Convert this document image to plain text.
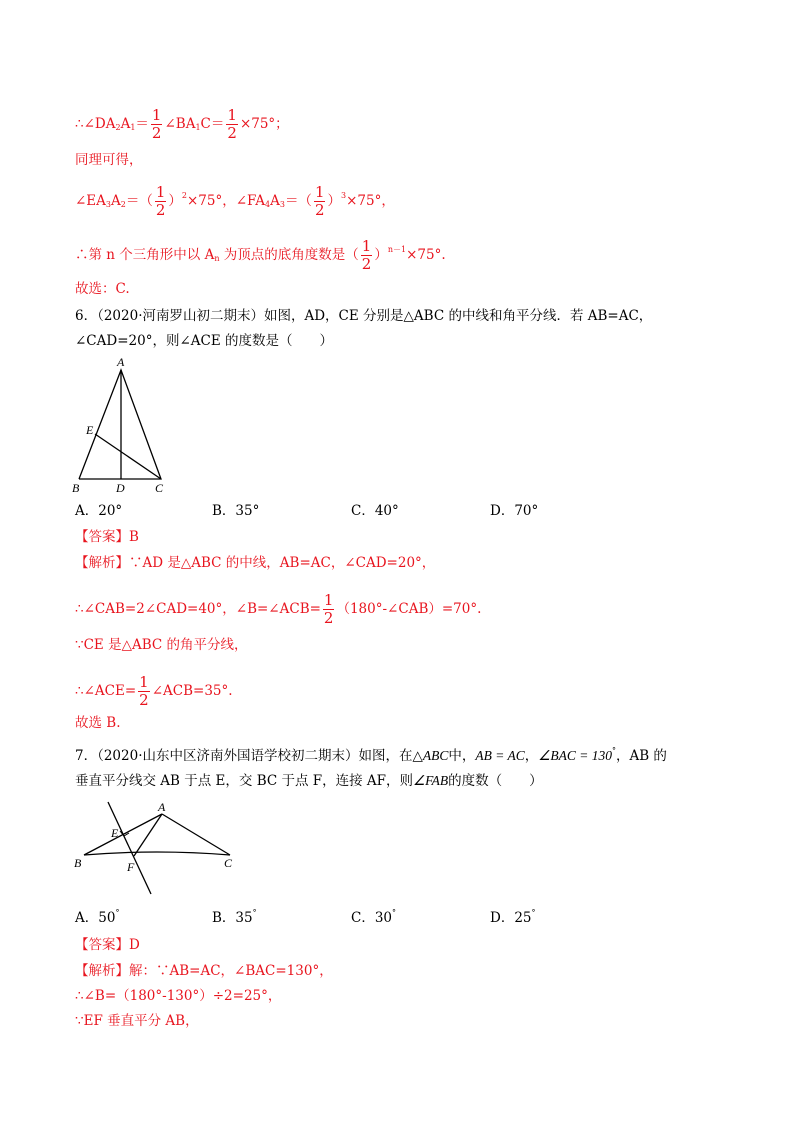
$\therefore\angle DA_2A_1= \frac{1}{2}$ $\angle BA_1C= \frac{1}{2} \times 75^\circ$；
同理可得，
$\angle EA_3A_2=( \frac{1}{2} )^2\times 75^\circ$，$\angle FA_4A_3=( \frac{1}{2} )^3\times 75^\circ$，
∴第 n 个三角形中以 $A_n$ 为顶点的底角度数是（ $\frac{1}{2} )^{n-1}\times 75^\circ$.
故选：C.
6．（2020·河南罗山初二期末）如图，AD，CE 分别是△ABC 的中线和角平分线．若 AB=AC，
∠CAD=20°，则∠ACE 的度数是（　　）
A
E
B	D	C
A．20°	B．35°	C．40°	D．70°
【答案】B
【解析】∵AD 是△ABC 的中线，AB=AC，∠CAD=20°，
∴∠CAB=2∠CAD=40°，∠B=∠ACB= $\frac{1}{2}$ （180°-∠CAB）=70°.
∵CE 是△ABC 的角平分线，
∴∠ACE= $\frac{1}{2}$ ∠ACB=35°.
故选 B.
7．（2020·山东中区济南外国语学校初二期末）如图，在△ABC中，AB = AC，∠BAC = 130°，AB 的
垂直平分线交 AB 于点 E，交 BC 于点 F，连接 AF，则∠FAB的度数（　　）
A
E
B	F	C
A．50°	B．35°	C．30°	D．25°
【答案】D
【解析】解：∵AB=AC，∠BAC=130°，
∴∠B=（180°-130°）÷2=25°，
∵EF 垂直平分 AB，
